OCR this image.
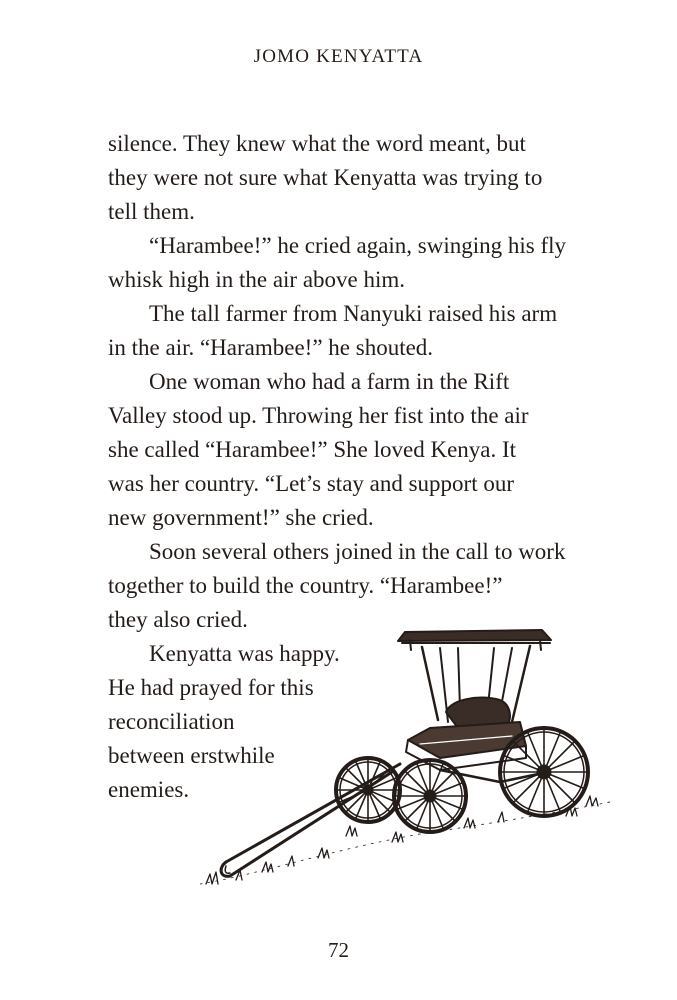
JOMO KENYATTA
silence. They knew what the word meant, but
they were not sure what Kenyatta was trying to
tell them.
“Harambee!” he cried again, swinging his fly
whisk high in the air above him.
The tall farmer from Nanyuki raised his arm
in the air. “Harambee!” he shouted.
One woman who had a farm in the Rift
Valley stood up. Throwing her fist into the air
she called “Harambee!” She loved Kenya. It
was her country. “Let’s stay and support our
new government!” she cried.
Soon several others joined in the call to work
together to build the country. “Harambee!”
they also cried.
Kenyatta was happy.
He had prayed for this
reconciliation
between erstwhile
enemies.
72
